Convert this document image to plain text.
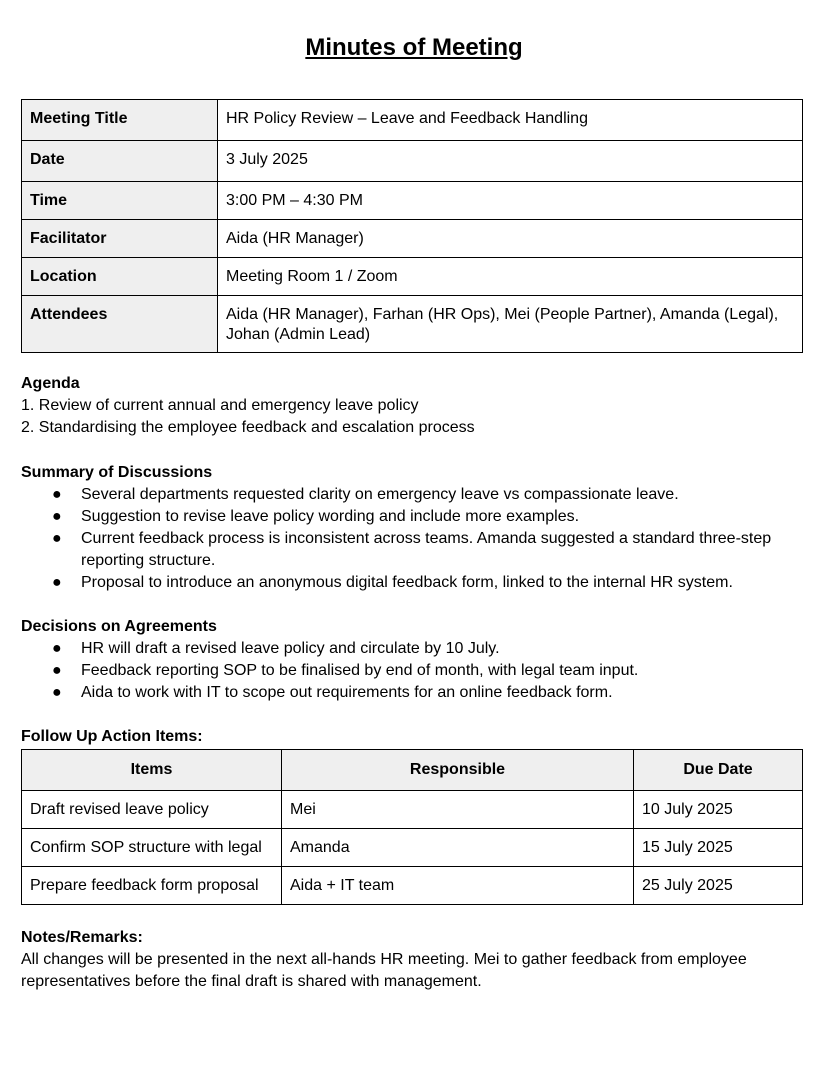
Minutes of Meeting
Meeting Title	HR Policy Review – Leave and Feedback Handling
Date	3 July 2025
Time	3:00 PM – 4:30 PM
Facilitator	Aida (HR Manager)
Location	Meeting Room 1 / Zoom
Attendees	Aida (HR Manager), Farhan (HR Ops), Mei (People Partner), Amanda (Legal), Johan (Admin Lead)
Agenda
1. Review of current annual and emergency leave policy
2. Standardising the employee feedback and escalation process
Summary of Discussions
● Several departments requested clarity on emergency leave vs compassionate leave.
● Suggestion to revise leave policy wording and include more examples.
● Current feedback process is inconsistent across teams. Amanda suggested a standard three-step reporting structure.
● Proposal to introduce an anonymous digital feedback form, linked to the internal HR system.
Decisions on Agreements
● HR will draft a revised leave policy and circulate by 10 July.
● Feedback reporting SOP to be finalised by end of month, with legal team input.
● Aida to work with IT to scope out requirements for an online feedback form.
Follow Up Action Items:
Items	Responsible	Due Date
Draft revised leave policy	Mei	10 July 2025
Confirm SOP structure with legal	Amanda	15 July 2025
Prepare feedback form proposal	Aida + IT team	25 July 2025
Notes/Remarks:
All changes will be presented in the next all-hands HR meeting. Mei to gather feedback from employee representatives before the final draft is shared with management.
